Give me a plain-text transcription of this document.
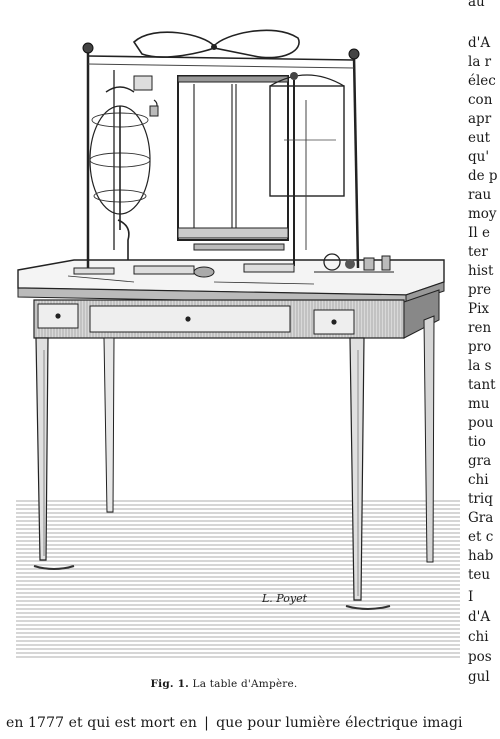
L. Poyet
Fig. 1. La table d'Ampère.
au
d'A
la r
élec
con
apr
eut
qu'
de p
rau
moy
Il e
ter
hist
pre
Pix
ren
pro
la s
tant
mu
pou
tio
gra
chi
triq
Gra
et c
hab
teu
I
d'A
chi
pos
gul
en 1777 et qui est mort en | que pour lumière électrique imagi
